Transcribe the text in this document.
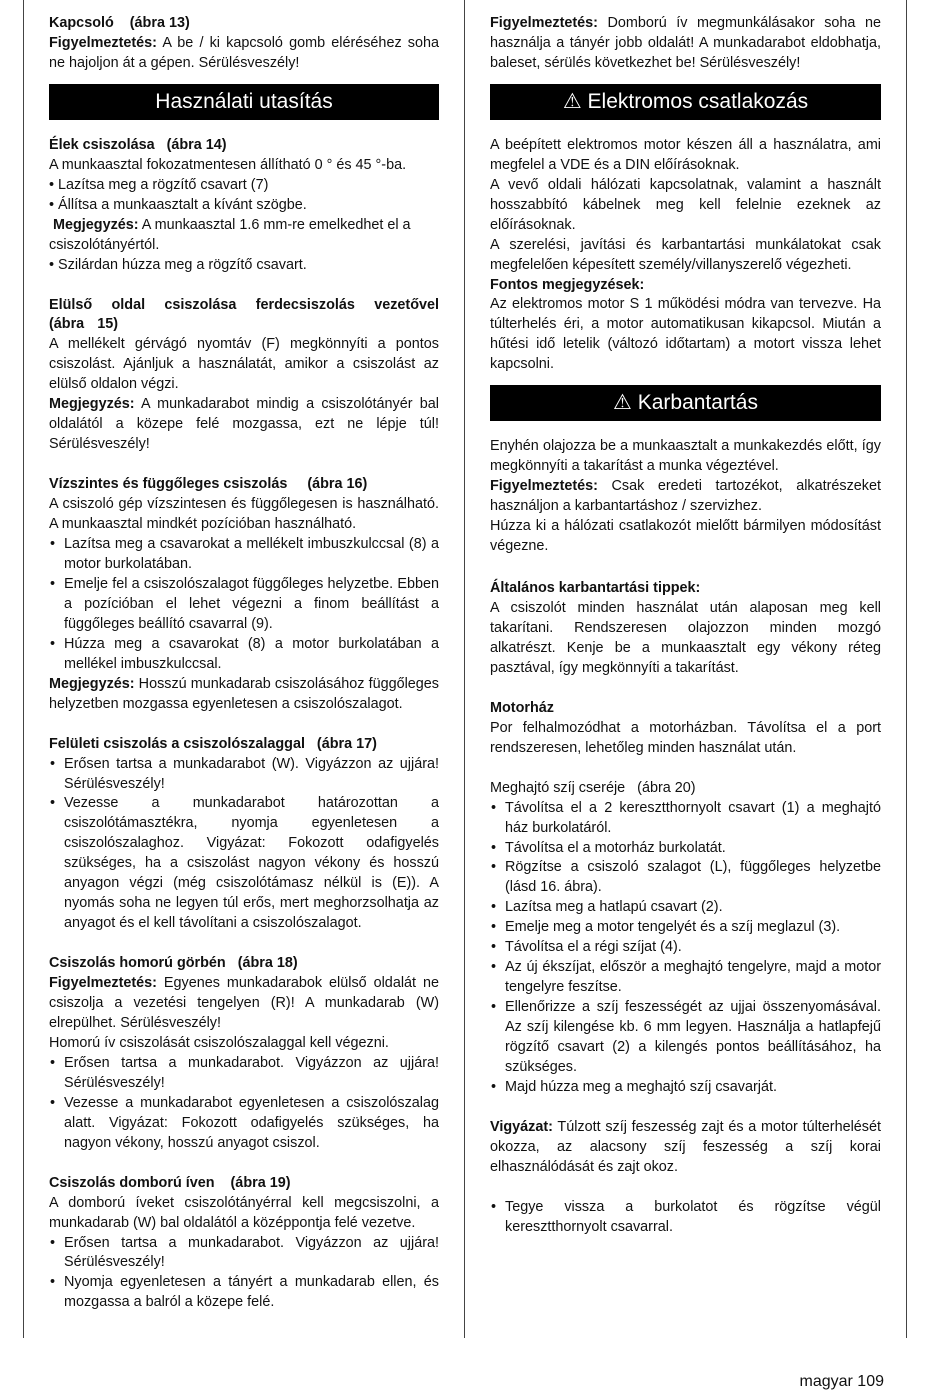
Kapcsoló    (ábra 13)

Figyelmeztetés: A be / ki kapcsoló gomb eléréséhez soha ne hajoljon át a gépen. Sérülésveszély!

Használati utasítás

Élek csiszolása   (ábra 14)

A munkaasztal fokozatmentesen állítható 0 ° és 45 °-ba.

• Lazítsa meg a rögzítő csavart (7)

• Állítsa a munkaasztalt a kívánt szögbe.

Megjegyzés: A munkaasztal 1.6 mm-re emelkedhet el a csiszolótányértól.

• Szilárdan húzza meg a rögzítő csavart.

Elülső oldal csiszolása ferdecsiszolás vezetővel (ábra 15)

A mellékelt gérvágó nyomtáv (F) megkönnyíti a pontos csiszolást. Ajánljuk a használatát, amikor a csiszolást az elülső oldalon végzi.

Megjegyzés: A munkadarabot mindig a csiszolótányér bal oldalától a közepe felé mozgassa, ezt ne lépje túl! Sérülésveszély!

Vízszintes és függőleges csiszolás     (ábra 16)

A csiszoló gép vízszintesen és függőlegesen is használható. A munkaasztal mindkét pozícióban használható.

• Lazítsa meg a csavarokat a mellékelt imbuszkulccsal (8) a motor burkolatában.
• Emelje fel a csiszolószalagot függőleges helyzetbe. Ebben a pozícióban el lehet végezni a finom beállítást a függőleges beállító csavarral (9).
• Húzza meg a csavarokat (8) a motor burkolatában a mellékel imbuszkulccsal.

Megjegyzés: Hosszú munkadarab csiszolásához függőleges helyzetben mozgassa egyenletesen a csiszolószalagot.

Felületi csiszolás a csiszolószalaggal   (ábra 17)

• Erősen tartsa a munkadarabot (W). Vigyázzon az ujjára! Sérülésveszély!
• Vezesse a munkadarabot határozottan a csiszolótámasztékra, nyomja egyenletesen a csiszolószalaghoz. Vigyázat: Fokozott odafigyelés szükséges, ha a csiszolást nagyon vékony és hosszú anyagon végzi (még csiszolótámasz nélkül is (E)). A nyomás soha ne legyen túl erős, mert meghorzsolhatja az anyagot és el kell távolítani a csiszolószalagot.

Csiszolás homorú görbén   (ábra 18)

Figyelmeztetés: Egyenes munkadarabok elülső oldalát ne csiszolja a vezetési tengelyen (R)! A munkadarab (W) elrepülhet. Sérülésveszély!

Homorú ív csiszolását csiszolószalaggal kell végezni.

• Erősen tartsa a munkadarabot. Vigyázzon az ujjára! Sérülésveszély!
• Vezesse a munkadarabot egyenletesen a csiszolószalag alatt. Vigyázat: Fokozott odafigyelés szükséges, ha nagyon vékony, hosszú anyagot csiszol.

Csiszolás domború íven    (ábra 19)

A domború íveket csiszolótányérral kell megcsiszolni, a munkadarab (W) bal oldalától a középpontja felé vezetve.

• Erősen tartsa a munkadarabot. Vigyázzon az ujjára! Sérülésveszély!
• Nyomja egyenletesen a tányért a munkadarab ellen, és mozgassa a balról a közepe felé.

Figyelmeztetés: Domború ív megmunkálásakor soha ne használja a tányér jobb oldalát! A munkadarabot eldobhatja, baleset, sérülés következhet be! Sérülésveszély!

⚠ Elektromos csatlakozás

A beépített elektromos motor készen áll a használatra, ami megfelel a VDE és a DIN előírásoknak.

A vevő oldali hálózati kapcsolatnak, valamint a használt hosszabbító kábelnek meg kell felelnie ezeknek az előírásoknak.

A szerelési, javítási és karbantartási munkálatokat csak megfelelően képesített személy/villanyszerelő végezheti.

Fontos megjegyzések:

Az elektromos motor S 1 működési módra van tervezve. Ha túlterhelés éri, a motor automatikusan kikapcsol. Miután a hűtési idő letelik (változó időtartam) a motort vissza lehet kapcsolni.

⚠ Karbantartás

Enyhén olajozza be a munkaasztalt a munkakezdés előtt, így megkönnyíti a takarítást a munka végeztével.

Figyelmeztetés: Csak eredeti tartozékot, alkatrészeket használjon a karbantartáshoz / szervizhez.

Húzza ki a hálózati csatlakozót mielőtt bármilyen módosítást végezne.

Általános karbantartási tippek:

A csiszolót minden használat után alaposan meg kell takarítani. Rendszeresen olajozzon minden mozgó alkatrészt. Kenje be a munkaasztalt egy vékony réteg pasztával, így megkönnyíti a takarítást.

Motorház

Por felhalmozódhat a motorházban. Távolítsa el a port rendszeresen, lehetőleg minden használat után.

Meghajtó szíj cseréje   (ábra 20)

• Távolítsa el a 2 keresztthornyolt csavart (1) a meghajtó ház burkolatáról.
• Távolítsa el a motorház burkolatát.
• Rögzítse a csiszoló szalagot (L), függőleges helyzetbe (lásd 16. ábra).
• Lazítsa meg a hatlapú csavart (2).
• Emelje meg a motor tengelyét és a szíj meglazul (3).
• Távolítsa el a régi szíjat (4).
• Az új ékszíjat, először a meghajtó tengelyre, majd a motor tengelyre feszítse.
• Ellenőrizze a szíj feszességét az ujjai összenyomásával. Az szíj kilengése kb. 6 mm legyen. Használja a hatlapfejű rögzítő csavart (2) a kilengés pontos beállításához, ha szükséges.
• Majd húzza meg a meghajtó szíj csavarját.

Vigyázat: Túlzott szíj feszesség zajt és a motor túlterhelését okozza, az alacsony szíj feszesség a szíj korai elhasználódását és zajt okoz.

• Tegye vissza a burkolatot és rögzítse végül keresztthornyolt csavarral.
magyar 109
